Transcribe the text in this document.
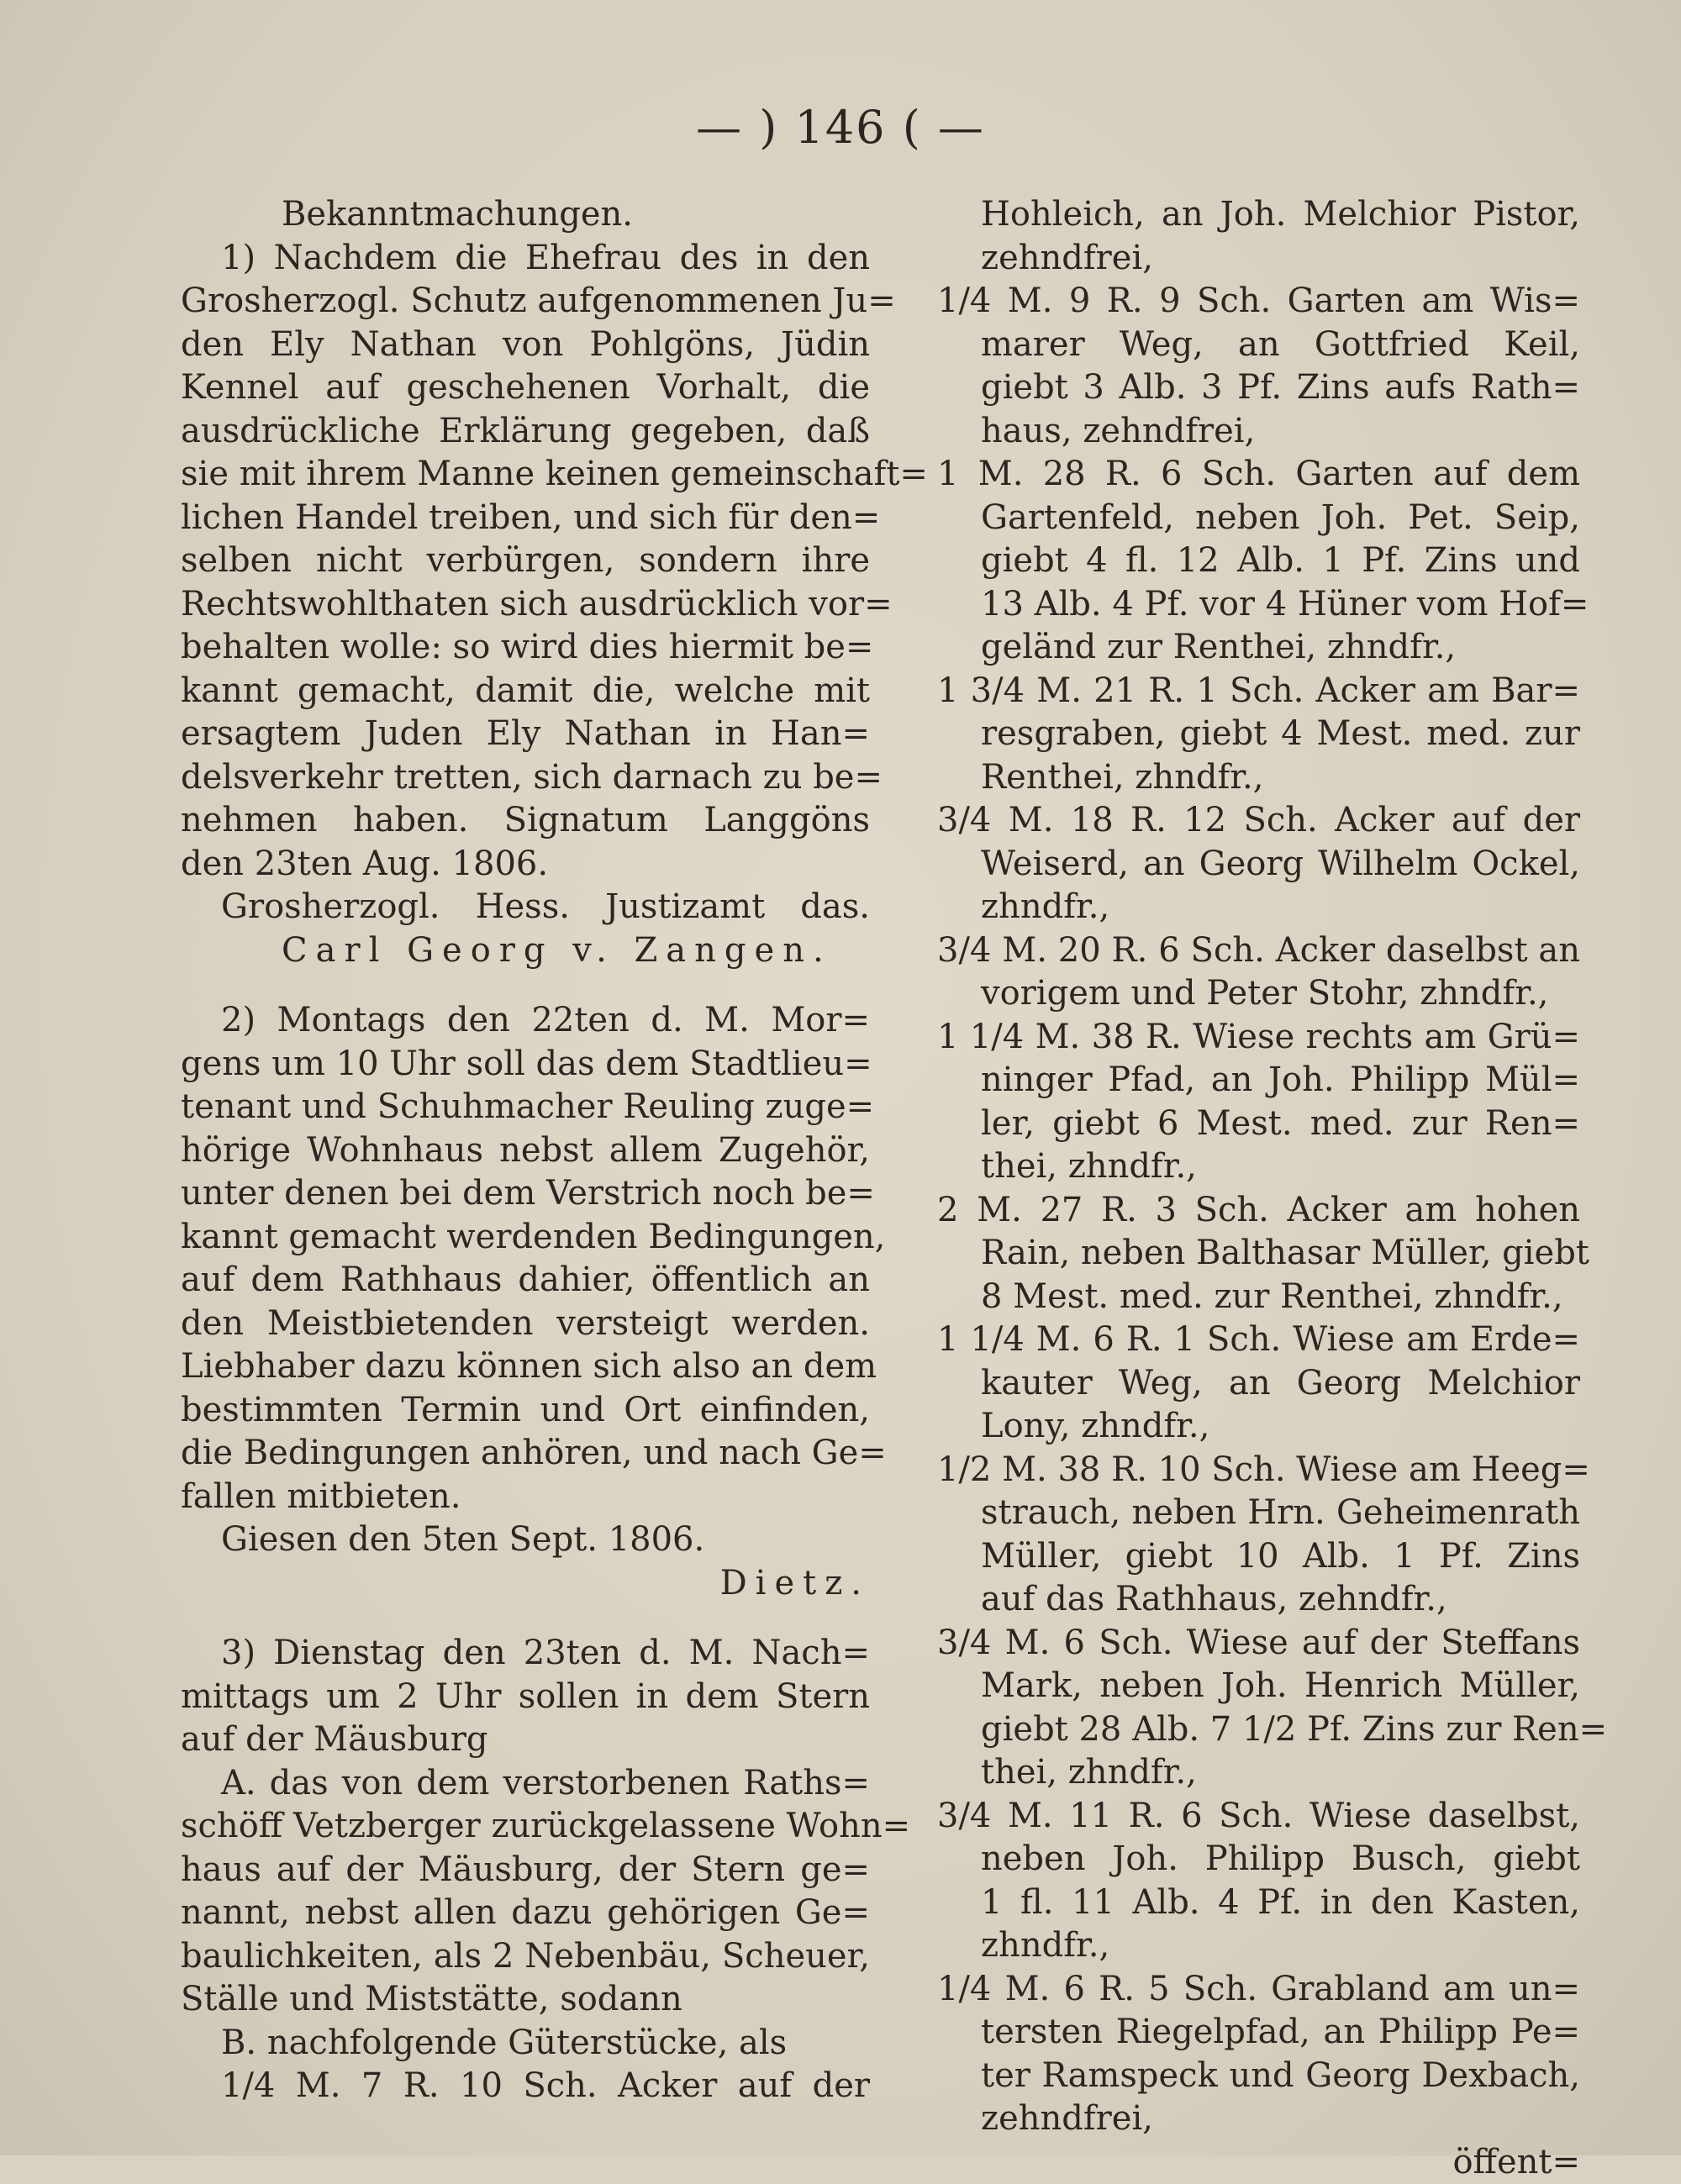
— ) 146 ( —
Bekanntmachungen.
1) Nachdem die Ehefrau des in den
Grosherzogl. Schutz aufgenommenen Ju=
den Ely Nathan von Pohlgöns, Jüdin
Kennel auf geschehenen Vorhalt, die
ausdrückliche Erklärung gegeben, daß
sie mit ihrem Manne keinen gemeinschaft=
lichen Handel treiben, und sich für den=
selben nicht verbürgen, sondern ihre
Rechtswohlthaten sich ausdrücklich vor=
behalten wolle: so wird dies hiermit be=
kannt gemacht, damit die, welche mit
ersagtem Juden Ely Nathan in Han=
delsverkehr tretten, sich darnach zu be=
nehmen haben. Signatum Langgöns
den 23ten Aug. 1806.
Grosherzogl. Hess. Justizamt das.
Carl Georg v. Zangen.
2) Montags den 22ten d. M. Mor=
gens um 10 Uhr soll das dem Stadtlieu=
tenant und Schuhmacher Reuling zuge=
hörige Wohnhaus nebst allem Zugehör,
unter denen bei dem Verstrich noch be=
kannt gemacht werdenden Bedingungen,
auf dem Rathhaus dahier, öffentlich an
den Meistbietenden versteigt werden.
Liebhaber dazu können sich also an dem
bestimmten Termin und Ort einfinden,
die Bedingungen anhören, und nach Ge=
fallen mitbieten.
Giesen den 5ten Sept. 1806.
Dietz.
3) Dienstag den 23ten d. M. Nach=
mittags um 2 Uhr sollen in dem Stern
auf der Mäusburg
A. das von dem verstorbenen Raths=
schöff Vetzberger zurückgelassene Wohn=
haus auf der Mäusburg, der Stern ge=
nannt, nebst allen dazu gehörigen Ge=
baulichkeiten, als 2 Nebenbäu, Scheuer,
Ställe und Miststätte, sodann
B. nachfolgende Güterstücke, als
1/4 M. 7 R. 10 Sch. Acker auf der
Hohleich, an Joh. Melchior Pistor,
zehndfrei,
1/4 M. 9 R. 9 Sch. Garten am Wis=
marer Weg, an Gottfried Keil,
giebt 3 Alb. 3 Pf. Zins aufs Rath=
haus, zehndfrei,
1 M. 28 R. 6 Sch. Garten auf dem
Gartenfeld, neben Joh. Pet. Seip,
giebt 4 fl. 12 Alb. 1 Pf. Zins und
13 Alb. 4 Pf. vor 4 Hüner vom Hof=
geländ zur Renthei, zhndfr.,
1 3/4 M. 21 R. 1 Sch. Acker am Bar=
resgraben, giebt 4 Mest. med. zur
Renthei, zhndfr.,
3/4 M. 18 R. 12 Sch. Acker auf der
Weiserd, an Georg Wilhelm Ockel,
zhndfr.,
3/4 M. 20 R. 6 Sch. Acker daselbst an
vorigem und Peter Stohr, zhndfr.,
1 1/4 M. 38 R. Wiese rechts am Grü=
ninger Pfad, an Joh. Philipp Mül=
ler, giebt 6 Mest. med. zur Ren=
thei, zhndfr.,
2 M. 27 R. 3 Sch. Acker am hohen
Rain, neben Balthasar Müller, giebt
8 Mest. med. zur Renthei, zhndfr.,
1 1/4 M. 6 R. 1 Sch. Wiese am Erde=
kauter Weg, an Georg Melchior
Lony, zhndfr.,
1/2 M. 38 R. 10 Sch. Wiese am Heeg=
strauch, neben Hrn. Geheimenrath
Müller, giebt 10 Alb. 1 Pf. Zins
auf das Rathhaus, zehndfr.,
3/4 M. 6 Sch. Wiese auf der Steffans
Mark, neben Joh. Henrich Müller,
giebt 28 Alb. 7 1/2 Pf. Zins zur Ren=
thei, zhndfr.,
3/4 M. 11 R. 6 Sch. Wiese daselbst,
neben Joh. Philipp Busch, giebt
1 fl. 11 Alb. 4 Pf. in den Kasten,
zhndfr.,
1/4 M. 6 R. 5 Sch. Grabland am un=
tersten Riegelpfad, an Philipp Pe=
ter Ramspeck und Georg Dexbach,
zehndfrei,
öffent=
